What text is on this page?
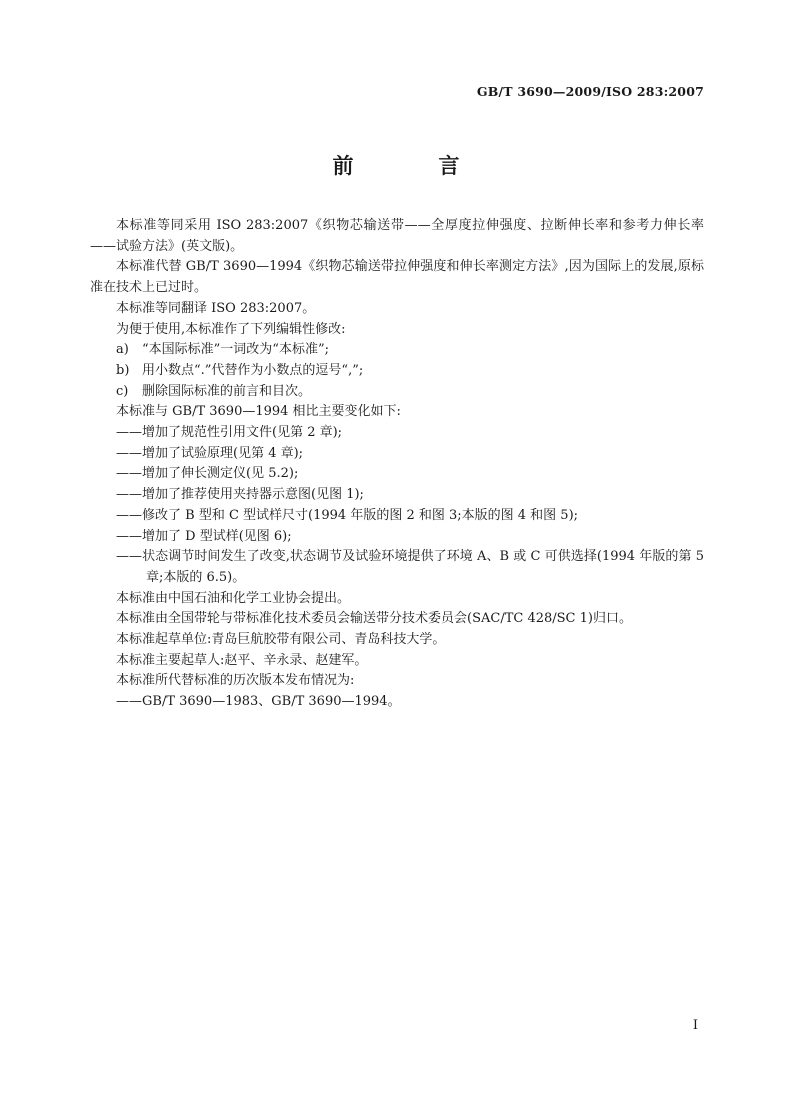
GB/T 3690—2009/ISO 283:2007
前　言

本标准等同采用 ISO 283:2007《织物芯输送带——全厚度拉伸强度、拉断伸长率和参考力伸长率——试验方法》(英文版)。

本标准代替 GB/T 3690—1994《织物芯输送带拉伸强度和伸长率测定方法》,因为国际上的发展,原标准在技术上已过时。

本标准等同翻译 ISO 283:2007。

为便于使用,本标准作了下列编辑性修改:

a) “本国际标准”一词改为“本标准”;

b) 用小数点“.”代替作为小数点的逗号“,”;

c) 删除国际标准的前言和目次。

本标准与 GB/T 3690—1994 相比主要变化如下:

——增加了规范性引用文件(见第 2 章);

——增加了试验原理(见第 4 章);

——增加了伸长测定仪(见 5.2);

——增加了推荐使用夹持器示意图(见图 1);

——修改了 B 型和 C 型试样尺寸(1994 年版的图 2 和图 3;本版的图 4 和图 5);

——增加了 D 型试样(见图 6);

——状态调节时间发生了改变,状态调节及试验环境提供了环境 A、B 或 C 可供选择(1994 年版的第 5 章;本版的 6.5)。

本标准由中国石油和化学工业协会提出。

本标准由全国带轮与带标准化技术委员会输送带分技术委员会(SAC/TC 428/SC 1)归口。

本标准起草单位:青岛巨航胶带有限公司、青岛科技大学。

本标准主要起草人:赵平、辛永录、赵建军。

本标准所代替标准的历次版本发布情况为:

——GB/T 3690—1983、GB/T 3690—1994。

I
